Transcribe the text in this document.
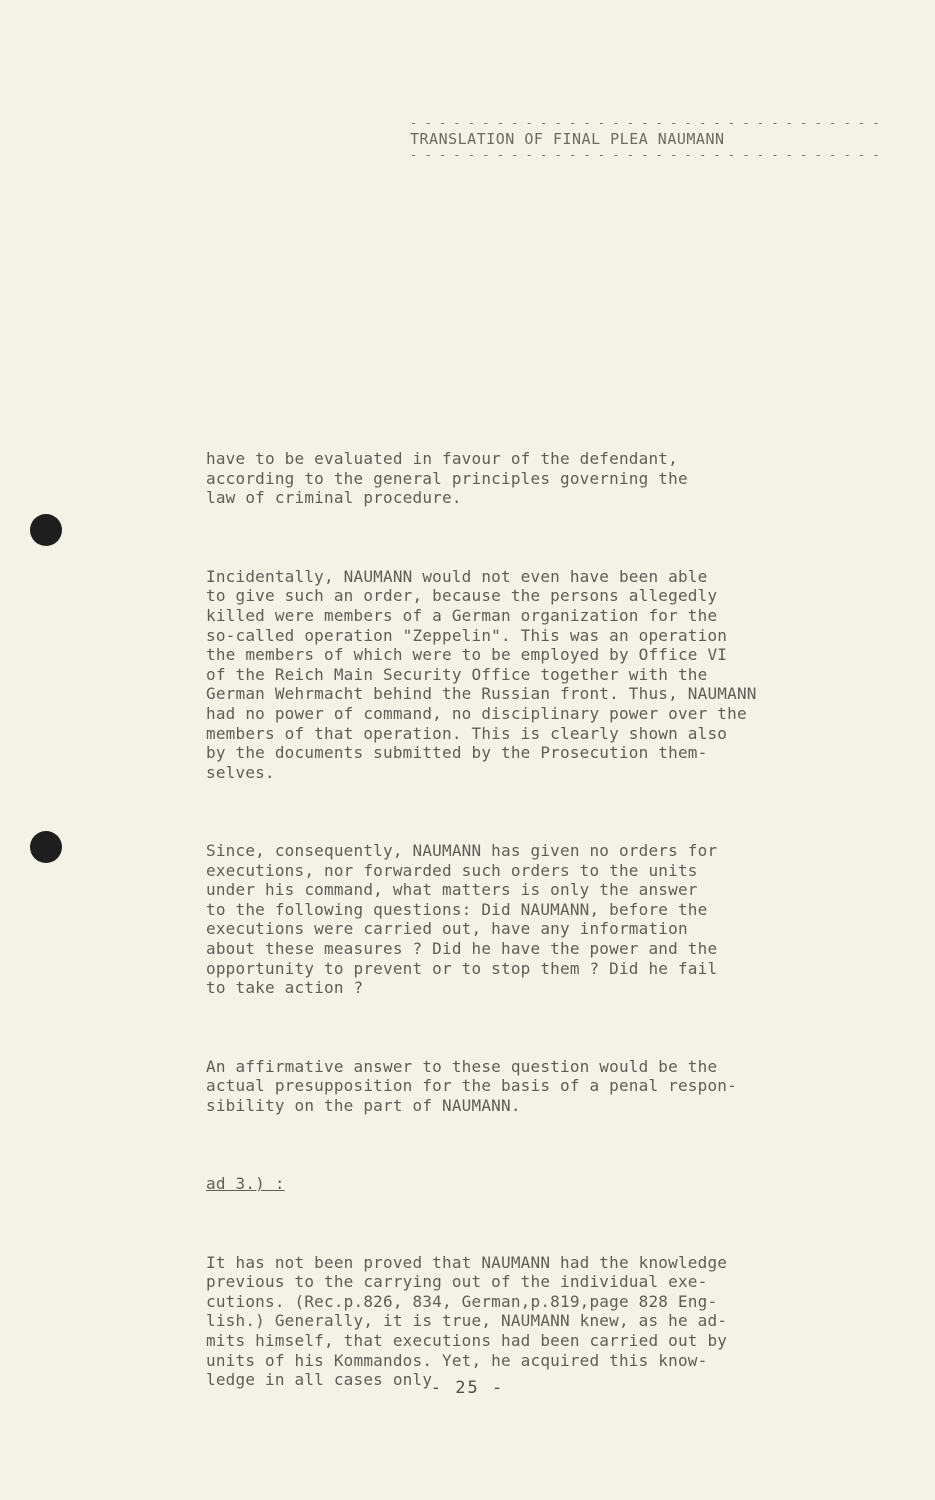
- - - - - - - - - - - - - - - - - - - - - - - - - - - - - - - - -
TRANSLATION OF FINAL PLEA NAUMANN
- - - - - - - - - - - - - - - - - - - - - - - - - - - - - - - - -

have to be evaluated in favour of the defendant,
according to the general principles governing the
law of criminal procedure.

Incidentally, NAUMANN would not even have been able
to give such an order, because the persons allegedly
killed were members of a German organization for the
so-called operation "Zeppelin". This was an operation
the members of which were to be employed by Office VI
of the Reich Main Security Office together with the
German Wehrmacht behind the Russian front. Thus, NAUMANN
had no power of command, no disciplinary power over the
members of that operation. This is clearly shown also
by the documents submitted by the Prosecution them-
selves.

Since, consequently, NAUMANN has given no orders for
executions, nor forwarded such orders to the units
under his command, what matters is only the answer
to the following questions: Did NAUMANN, before the
executions were carried out, have any information
about these measures ? Did he have the power and the
opportunity to prevent or to stop them ? Did he fail
to take action ?

An affirmative answer to these question would be the
actual presupposition for the basis of a penal respon-
sibility on the part of NAUMANN.

ad 3.) :

It has not been proved that NAUMANN had the knowledge
previous to the carrying out of the individual exe-
cutions. (Rec.p.826, 834, German,p.819,page 828 Eng-
lish.) Generally, it is true, NAUMANN knew, as he ad-
mits himself, that executions had been carried out by
units of his Kommandos. Yet, he acquired this know-
ledge in all cases only

- 25 -
